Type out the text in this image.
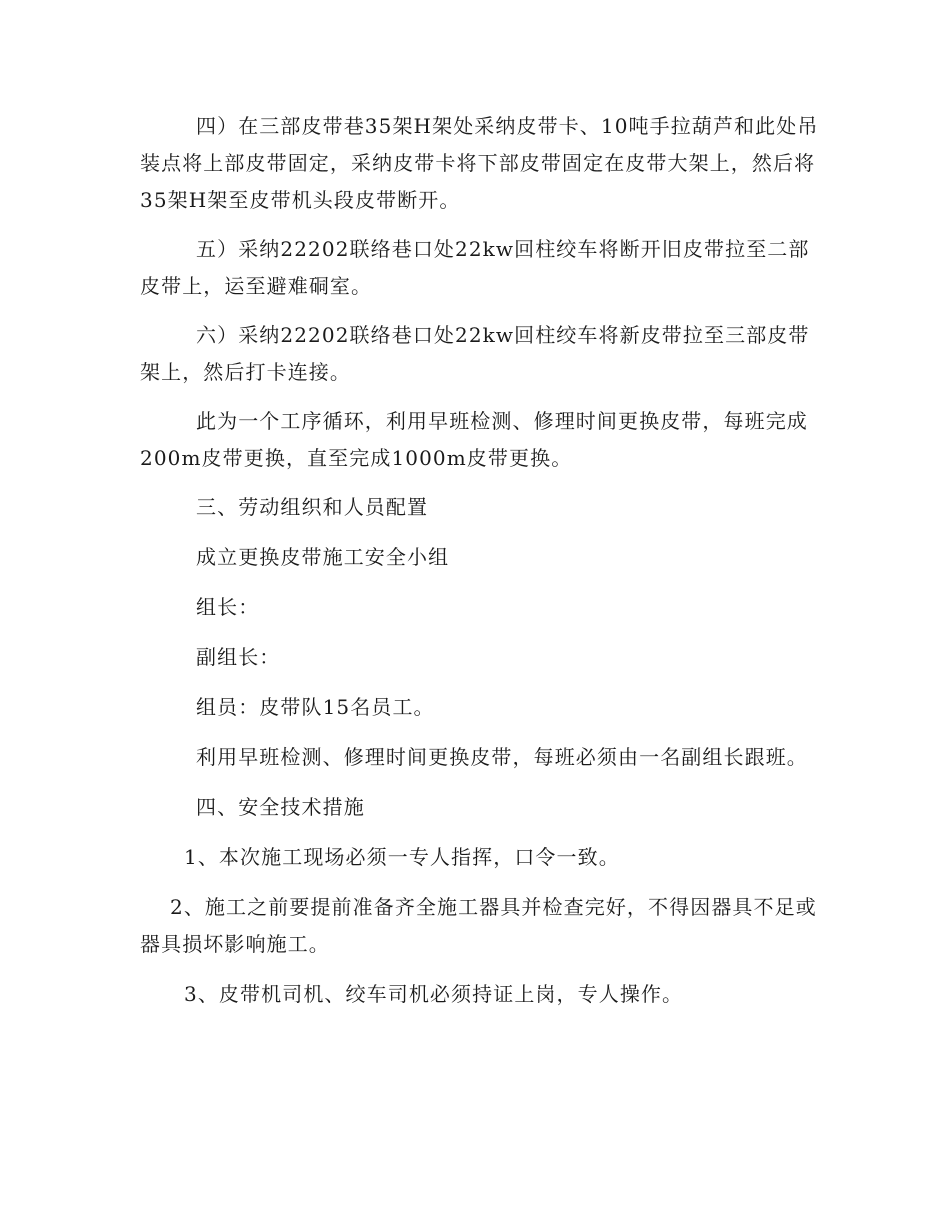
四）在三部皮带巷35架H架处采纳皮带卡、10吨手拉葫芦和此处吊装点将上部皮带固定，采纳皮带卡将下部皮带固定在皮带大架上，然后将35架H架至皮带机头段皮带断开。

五）采纳22202联络巷口处22kw回柱绞车将断开旧皮带拉至二部皮带上，运至避难硐室。

六）采纳22202联络巷口处22kw回柱绞车将新皮带拉至三部皮带架上，然后打卡连接。

此为一个工序循环，利用早班检测、修理时间更换皮带，每班完成200m皮带更换，直至完成1000m皮带更换。

三、劳动组织和人员配置

成立更换皮带施工安全小组

组长：

副组长：

组员：皮带队15名员工。

利用早班检测、修理时间更换皮带，每班必须由一名副组长跟班。

四、安全技术措施

1、本次施工现场必须一专人指挥，口令一致。

2、施工之前要提前准备齐全施工器具并检查完好，不得因器具不足或器具损坏影响施工。

3、皮带机司机、绞车司机必须持证上岗，专人操作。
